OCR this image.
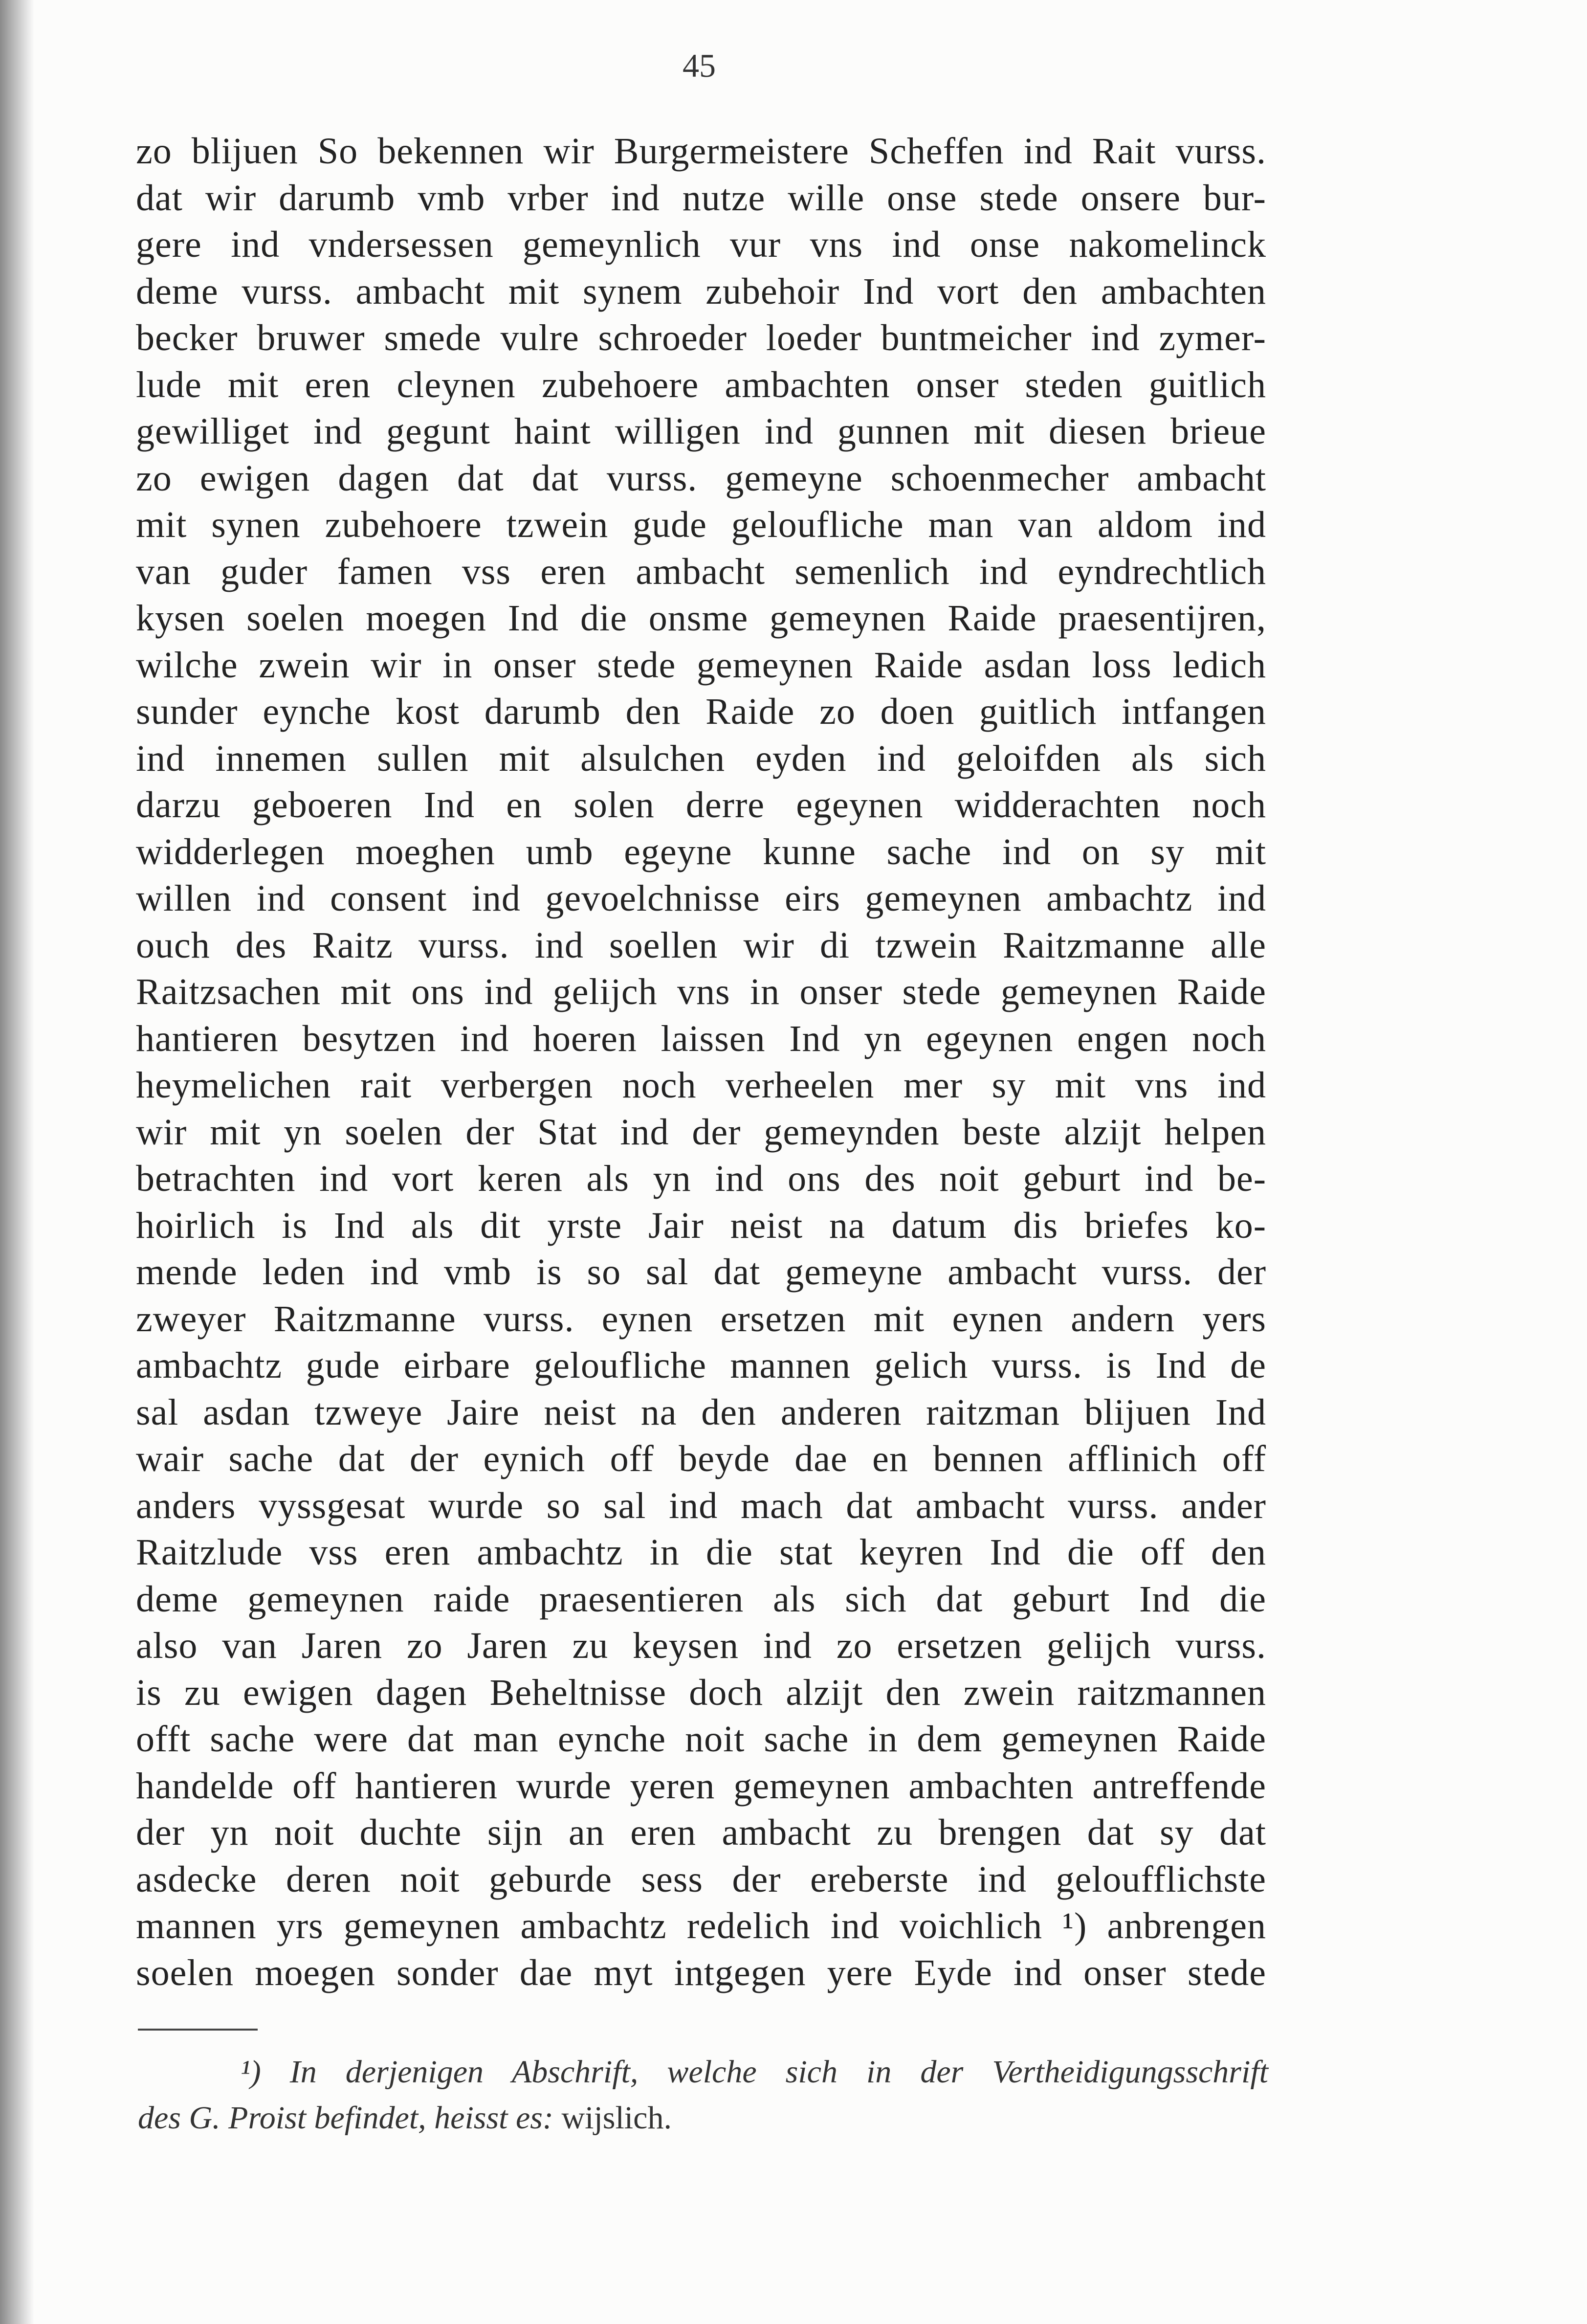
45
zo blijuen So bekennen wir Burgermeistere Scheffen ind Rait vurss.
dat wir darumb vmb vrber ind nutze wille onse stede onsere bur-
gere ind vndersessen gemeynlich vur vns ind onse nakomelinck
deme vurss. ambacht mit synem zubehoir Ind vort den ambachten
becker bruwer smede vulre schroeder loeder buntmeicher ind zymer-
lude mit eren cleynen zubehoere ambachten onser steden guitlich
gewilliget ind gegunt haint willigen ind gunnen mit diesen brieue
zo ewigen dagen dat dat vurss. gemeyne schoenmecher ambacht
mit synen zubehoere tzwein gude geloufliche man van aldom ind
van guder famen vss eren ambacht semenlich ind eyndrechtlich
kysen soelen moegen Ind die onsme gemeynen Raide praesentijren,
wilche zwein wir in onser stede gemeynen Raide asdan loss ledich
sunder eynche kost darumb den Raide zo doen guitlich intfangen
ind innemen sullen mit alsulchen eyden ind geloifden als sich
darzu geboeren Ind en solen derre egeynen widderachten noch
widderlegen moeghen umb egeyne kunne sache ind on sy mit
willen ind consent ind gevoelchnisse eirs gemeynen ambachtz ind
ouch des Raitz vurss. ind soellen wir di tzwein Raitzmanne alle
Raitzsachen mit ons ind gelijch vns in onser stede gemeynen Raide
hantieren besytzen ind hoeren laissen Ind yn egeynen engen noch
heymelichen rait verbergen noch verheelen mer sy mit vns ind
wir mit yn soelen der Stat ind der gemeynden beste alzijt helpen
betrachten ind vort keren als yn ind ons des noit geburt ind be-
hoirlich is Ind als dit yrste Jair neist na datum dis briefes ko-
mende leden ind vmb is so sal dat gemeyne ambacht vurss. der
zweyer Raitzmanne vurss. eynen ersetzen mit eynen andern yers
ambachtz gude eirbare geloufliche mannen gelich vurss. is Ind de
sal asdan tzweye Jaire neist na den anderen raitzman blijuen Ind
wair sache dat der eynich off beyde dae en bennen afflinich off
anders vyssgesat wurde so sal ind mach dat ambacht vurss. ander
Raitzlude vss eren ambachtz in die stat keyren Ind die off den
deme gemeynen raide praesentieren als sich dat geburt Ind die
also van Jaren zo Jaren zu keysen ind zo ersetzen gelijch vurss.
is zu ewigen dagen Beheltnisse doch alzijt den zwein raitzmannen
offt sache were dat man eynche noit sache in dem gemeynen Raide
handelde off hantieren wurde yeren gemeynen ambachten antreffende
der yn noit duchte sijn an eren ambacht zu brengen dat sy dat
asdecke deren noit geburde sess der ereberste ind geloufflichste
mannen yrs gemeynen ambachtz redelich ind voichlich ¹) anbrengen
soelen moegen sonder dae myt intgegen yere Eyde ind onser stede
¹) In derjenigen Abschrift, welche sich in der Vertheidigungsschrift
des G. Proist befindet, heisst es: wijslich.
